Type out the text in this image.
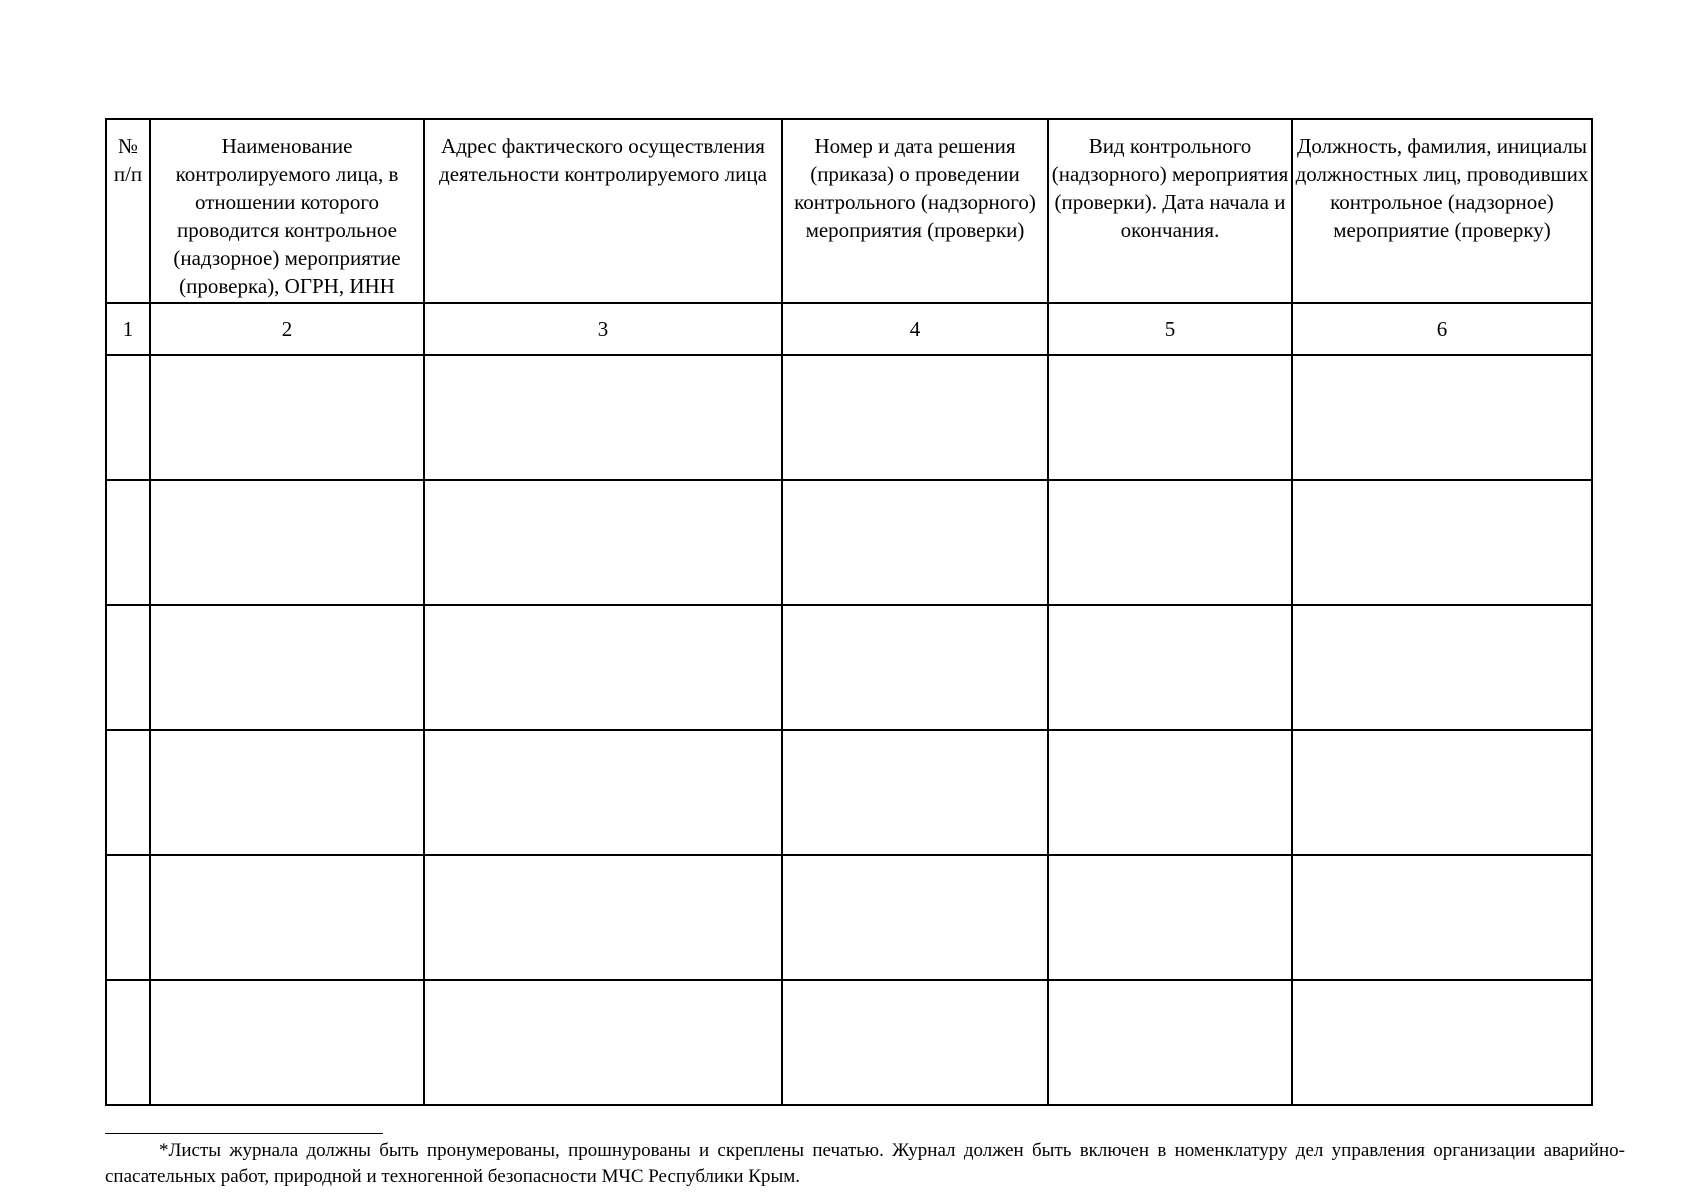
№ п/п	Наименование контролируемого лица, в отношении которого проводится контрольное (надзорное) мероприятие (проверка), ОГРН, ИНН	Адрес фактического осуществления деятельности контролируемого лица	Номер и дата решения (приказа) о проведении контрольного (надзорного) мероприятия (проверки)	Вид контрольного (надзорного) мероприятия (проверки). Дата начала и окончания.	Должность, фамилия, инициалы должностных лиц, проводивших контрольное (надзорное) мероприятие (проверку)

1	2	3	4	5	6

*Листы журнала должны быть пронумерованы, прошнурованы и скреплены печатью. Журнал должен быть включен в номенклатуру дел управления организации аварийно-спасательных работ, природной и техногенной безопасности МЧС Республики Крым.
